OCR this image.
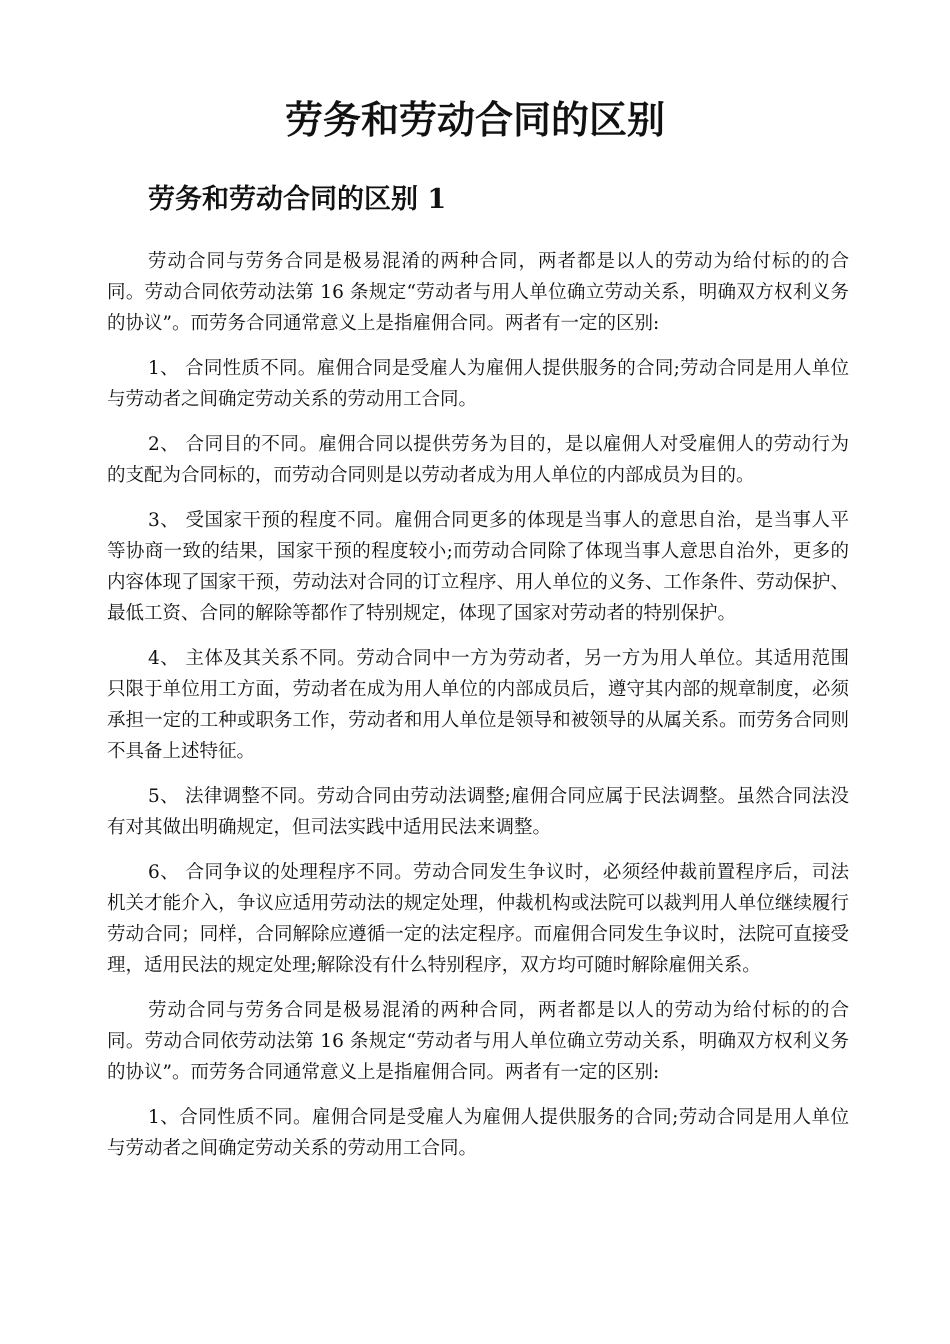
劳务和劳动合同的区别
劳务和劳动合同的区别 1

劳动合同与劳务合同是极易混淆的两种合同，两者都是以人的劳动为给付标的的合同。劳动合同依劳动法第 16 条规定“劳动者与用人单位确立劳动关系，明确双方权利义务的协议”。而劳务合同通常意义上是指雇佣合同。两者有一定的区别:

1、 合同性质不同。雇佣合同是受雇人为雇佣人提供服务的合同;劳动合同是用人单位与劳动者之间确定劳动关系的劳动用工合同。

2、 合同目的不同。雇佣合同以提供劳务为目的，是以雇佣人对受雇佣人的劳动行为的支配为合同标的，而劳动合同则是以劳动者成为用人单位的内部成员为目的。

3、 受国家干预的程度不同。雇佣合同更多的体现是当事人的意思自治，是当事人平等协商一致的结果，国家干预的程度较小;而劳动合同除了体现当事人意思自治外，更多的内容体现了国家干预，劳动法对合同的订立程序、用人单位的义务、工作条件、劳动保护、最低工资、合同的解除等都作了特别规定，体现了国家对劳动者的特别保护。

4、 主体及其关系不同。劳动合同中一方为劳动者，另一方为用人单位。其适用范围只限于单位用工方面，劳动者在成为用人单位的内部成员后，遵守其内部的规章制度，必须承担一定的工种或职务工作，劳动者和用人单位是领导和被领导的从属关系。而劳务合同则不具备上述特征。

5、 法律调整不同。劳动合同由劳动法调整;雇佣合同应属于民法调整。虽然合同法没有对其做出明确规定，但司法实践中适用民法来调整。

6、 合同争议的处理程序不同。劳动合同发生争议时，必须经仲裁前置程序后，司法机关才能介入，争议应适用劳动法的规定处理，仲裁机构或法院可以裁判用人单位继续履行劳动合同；同样，合同解除应遵循一定的法定程序。而雇佣合同发生争议时，法院可直接受理，适用民法的规定处理;解除没有什么特别程序，双方均可随时解除雇佣关系。

劳动合同与劳务合同是极易混淆的两种合同，两者都是以人的劳动为给付标的的合同。劳动合同依劳动法第 16 条规定“劳动者与用人单位确立劳动关系，明确双方权利义务的协议”。而劳务合同通常意义上是指雇佣合同。两者有一定的区别:

1、合同性质不同。雇佣合同是受雇人为雇佣人提供服务的合同;劳动合同是用人单位与劳动者之间确定劳动关系的劳动用工合同。
